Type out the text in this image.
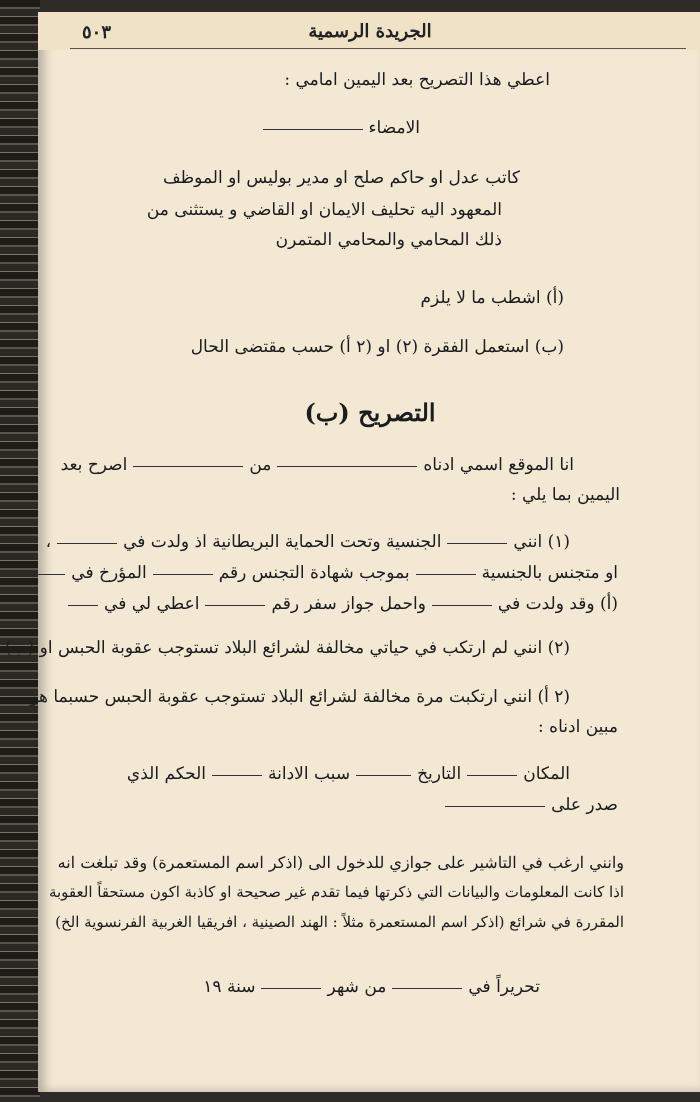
٥٠٣	الجريدة الرسمية
اعطي هذا التصريح بعد اليمين امامي :
الامضاء
كاتب عدل او حاكم صلح او مدير بوليس او الموظف
المعهود اليه تحليف الايمان او القاضي و يستثنى من
ذلك المحامي والمحامي المتمرن
(أ) اشطب ما لا يلزم
(ب) استعمل الفقرة (٢) او (٢ أ) حسب مقتضى الحال
التصريح (ب)
انا الموقع اسمي ادناهمناصرح بعد
اليمين بما يلي :
(١) اننيالجنسية وتحت الحماية البريطانية اذ ولدت في،
او متجنس بالجنسيةبموجب شهادة التجنس رقمالمؤرخ في
(أ) وقد ولدت فيواحمل جواز سفر رقماعطي لي في
(٢) انني لم ارتكب في حياتي مخالفة لشرائع البلاد تستوجب عقوبة الحبس او (ب)
(٢ أ) انني ارتكبت مرة مخالفة لشرائع البلاد تستوجب عقوبة الحبس حسبما هو
مبين ادناه :
المكانالتاريخسبب الادانةالحكم الذي
صدر على
وانني ارغب في التاشير على جوازي للدخول الى (اذكر اسم المستعمرة) وقد تبلغت انه
اذا كانت المعلومات والبيانات التي ذكرتها فيما تقدم غير صحيحة او كاذبة اكون مستحقاً العقوبة
المقررة في شرائع (اذكر اسم المستعمرة مثلاً : الهند الصينية ، افريقيا الغربية الفرنسوية الخ)
تحريراً فيمن شهرسنة ١٩
